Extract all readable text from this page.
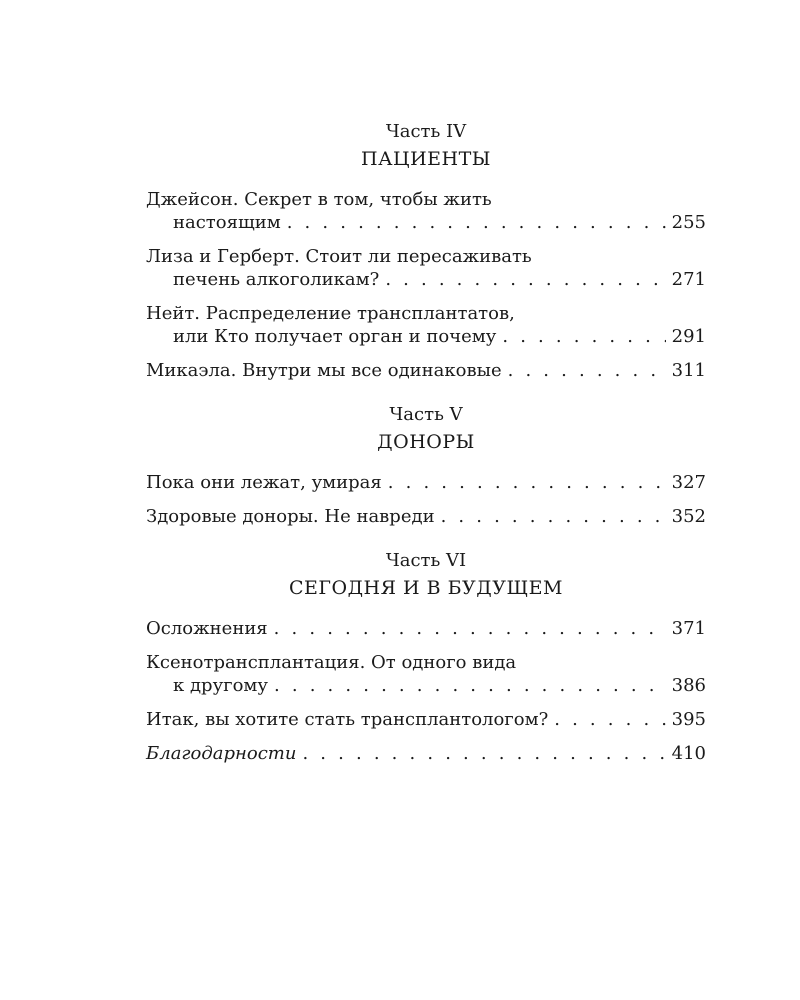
Часть IV
ПАЦИЕНТЫ
Джейсон. Секрет в том, чтобы жить
настоящим . . .	255
Лиза и Герберт. Стоит ли пересаживать
печень алкоголикам? . . .	271
Нейт. Распределение трансплантатов,
или Кто получает орган и почему . . .	291
Микаэла. Внутри мы все одинаковые . . .	311
Часть V
ДОНОРЫ
Пока они лежат, умирая . . .	327
Здоровые доноры. Не навреди . . .	352
Часть VI
СЕГОДНЯ И В БУДУЩЕМ
Осложнения . . .	371
Ксенотрансплантация. От одного вида
к другому . . .	386
Итак, вы хотите стать трансплантологом? . . .	395
Благодарности . . .	410
